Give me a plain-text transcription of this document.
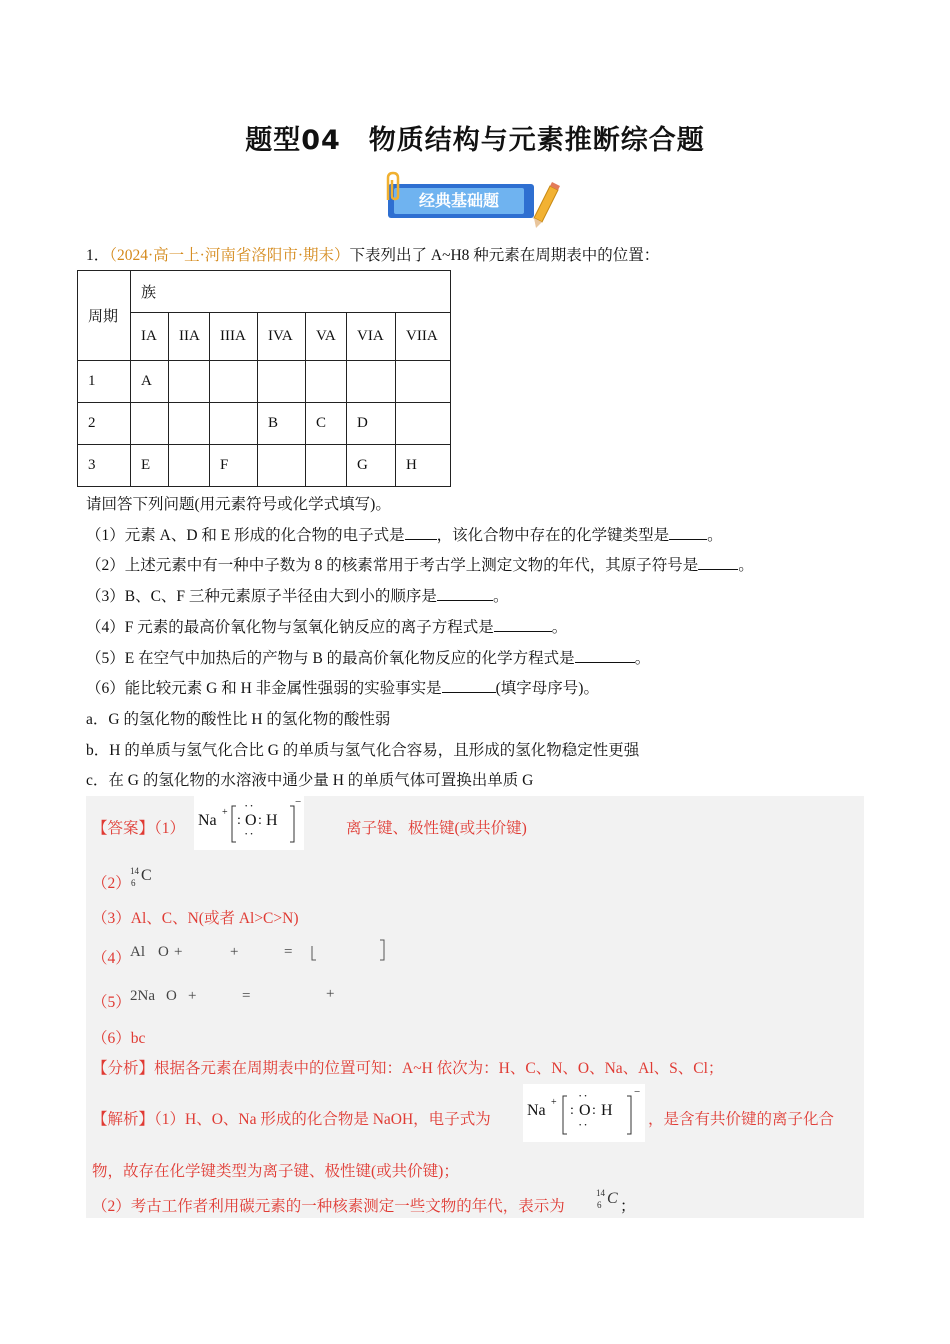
题型04　物质结构与元素推断综合题
经典基础题
1．（2024·高一上·河南省洛阳市·期末）下表列出了 A~H8 种元素在周期表中的位置：
周期	族						
	IA	IIA	IIIA	IVA	VA	VIA	VIIA
1	A						
2				B	C	D	
3	E		F			G	H
请回答下列问题(用元素符号或化学式填写)。
（1）元素 A、D 和 E 形成的化合物的电子式是 ，该化合物中存在的化学键类型是 。
（2）上述元素中有一种中子数为 8 的核素常用于考古学上测定文物的年代，其原子符号是	。
（3）B、C、F 三种元素原子半径由大到小的顺序是	。
（4）F 元素的最高价氧化物与氢氧化钠反应的离子方程式是	。
（5）E 在空气中加热后的产物与 B 的最高价氧化物反应的化学方程式是	。
（6）能比较元素 G 和 H 非金属性强弱的实验事实是	(填字母序号)。
a．G 的氢化物的酸性比 H 的氢化物的酸性弱
b．H 的单质与氢气化合比 G 的单质与氢气化合容易，且形成的氢化物稳定性更强
c．在 G 的氢化物的水溶液中通少量 H 的单质气体可置换出单质 G
【答案】（1） Na + ··
: O : H
··
−
离子键、极性键(或共价键)
（2）
14
6 C
（3）Al、C、N(或者 Al>C>N)
（4） Al O +	+	=
（5） 2Na O +	=	+
（6）bc
【分析】根据各元素在周期表中的位置可知：A~H 依次为：H、C、N、O、Na、Al、S、Cl；
【解析】（1）H、O、Na 形成的化合物是 NaOH，电子式为
Na + ··
: O : H
··
−
，是含有共价键的离子化合
物，故存在化学键类型为离子键、极性键(或共价键)；
（2）考古工作者利用碳元素的一种核素测定一些文物的年代，表示为
14
6 C ；
